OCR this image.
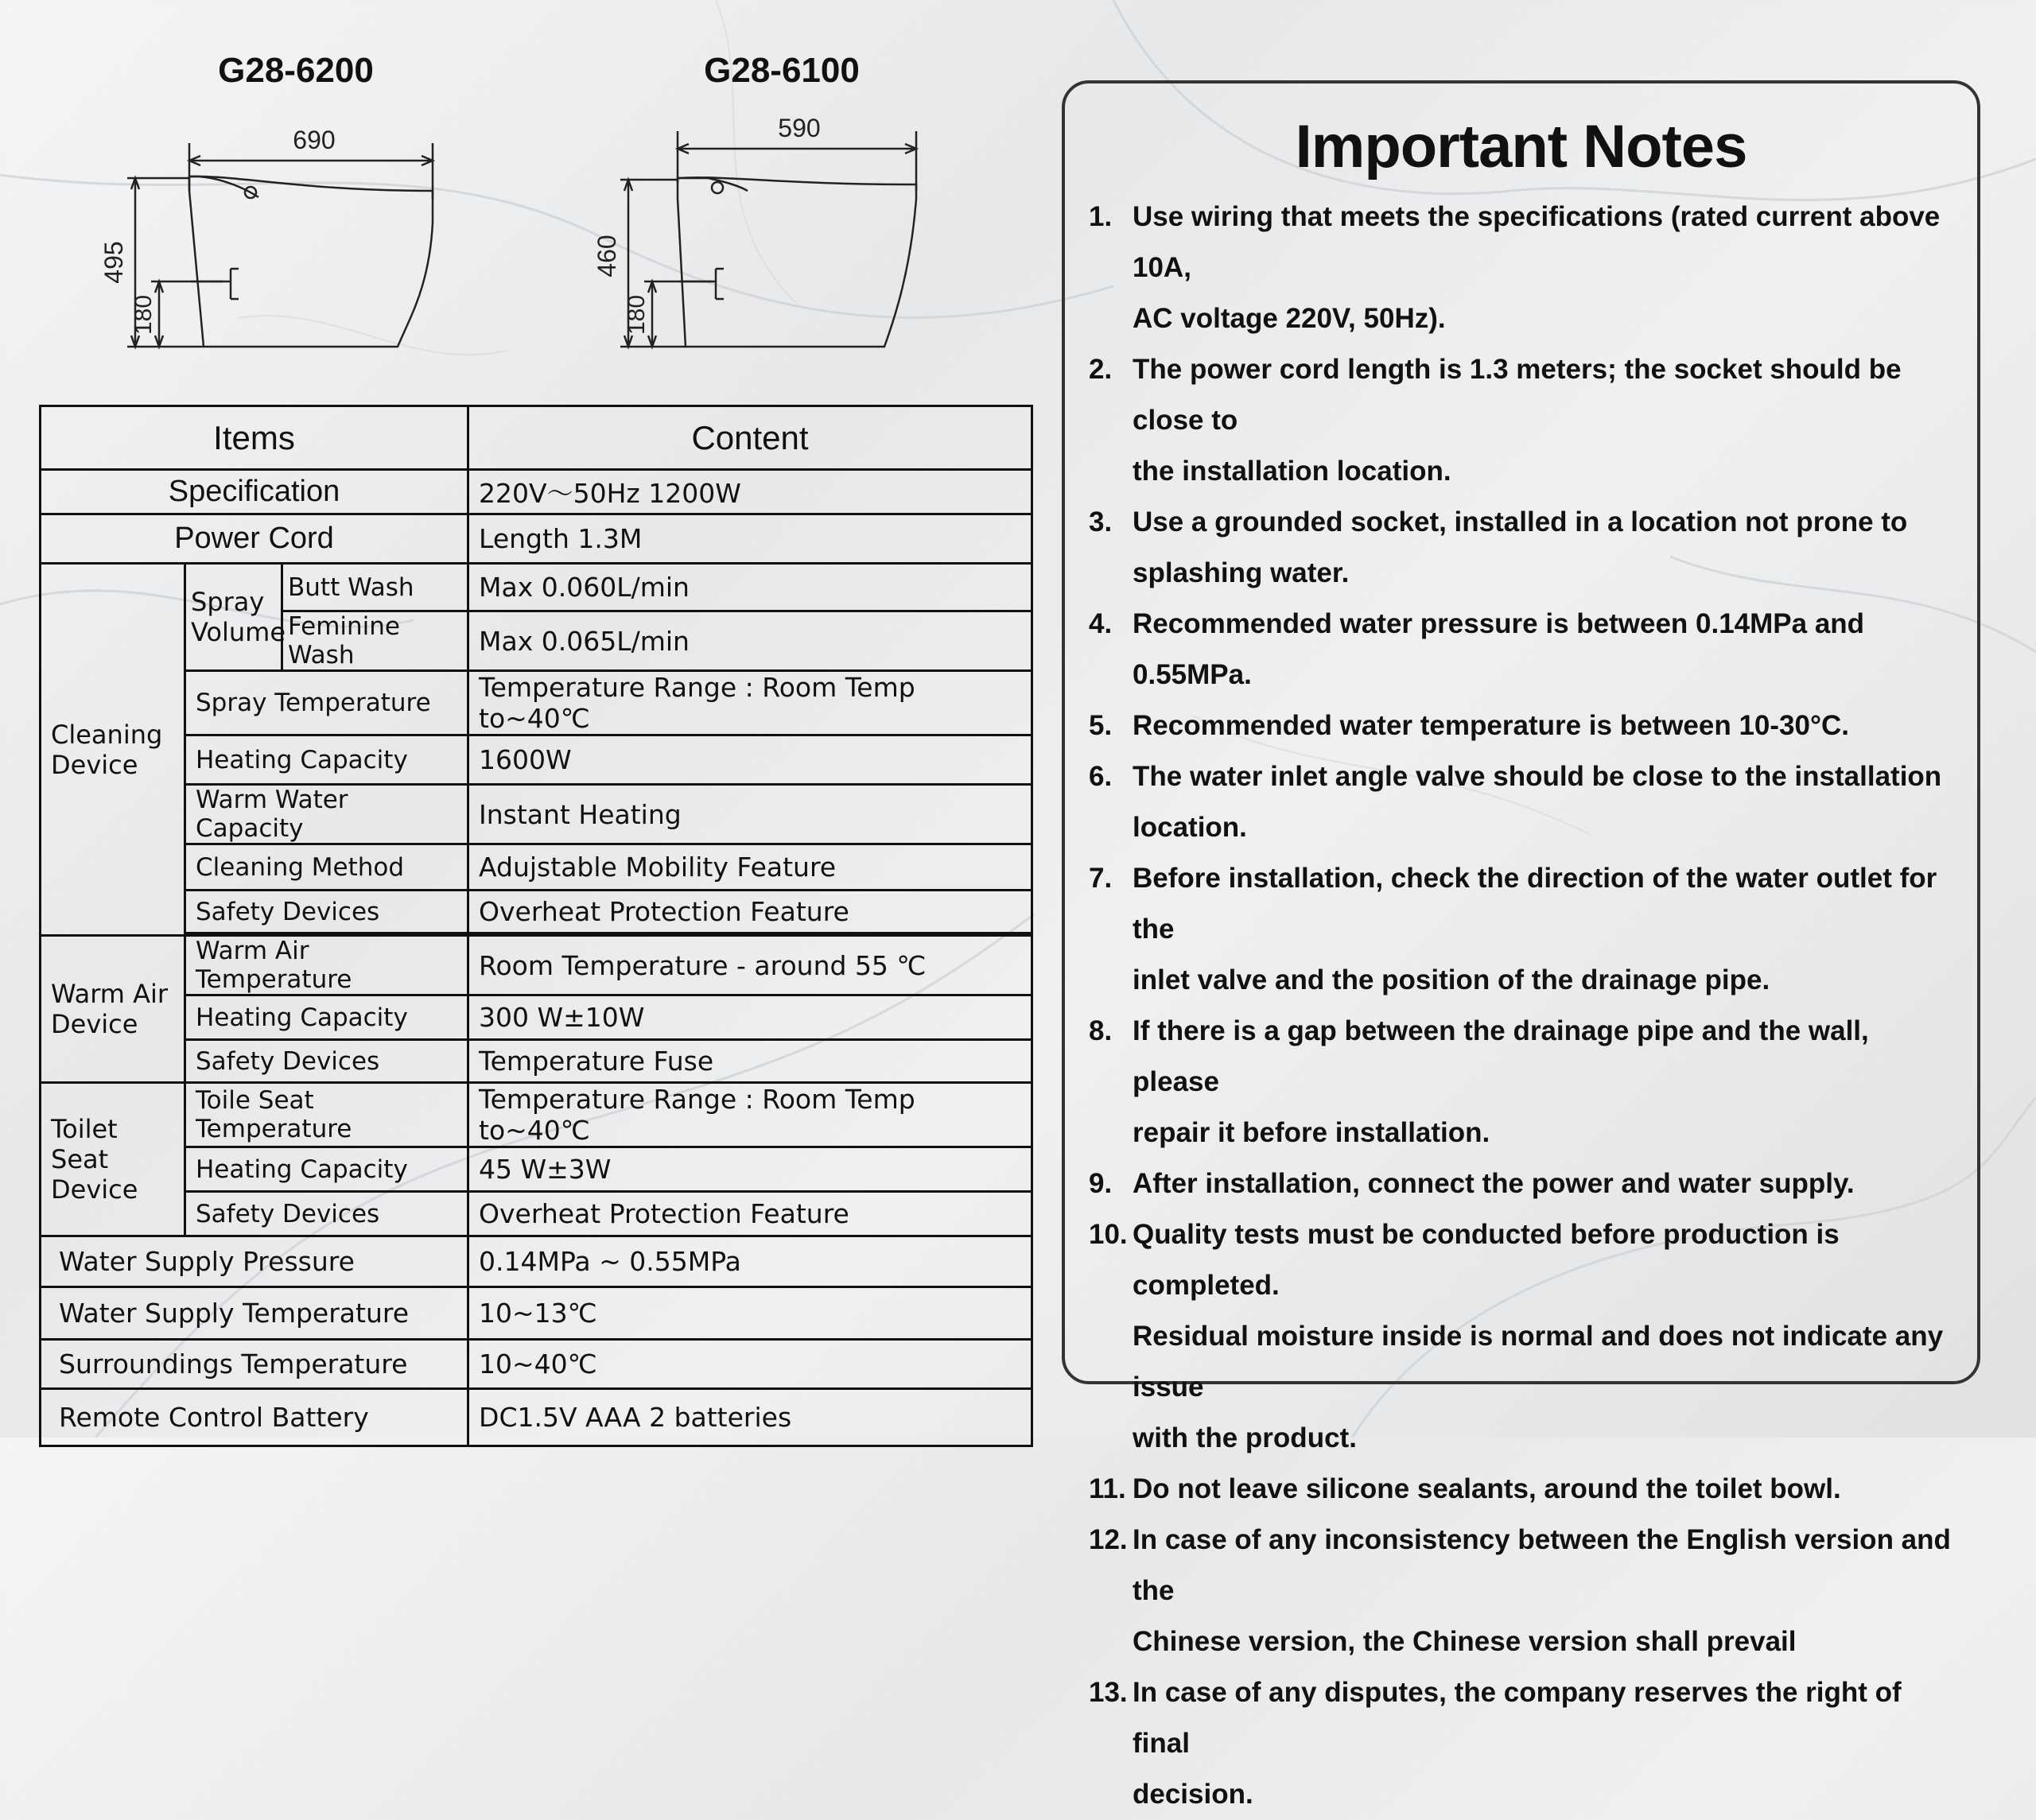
G28-6200	G28-6100
690
495
180
590
460
180
Items			Content
Specification			220V～50Hz 1200W
Power Cord			Length 1.3M
Cleaning Device	Spray Volume	Butt Wash	Max 0.060L/min
		Feminine Wash	Max 0.065L/min
	Spray Temperature		Temperature Range : Room Temp to~40℃
	Heating Capacity		1600W
	Warm Water Capacity		Instant Heating
	Cleaning Method		Adujstable Mobility Feature
	Safety Devices		Overheat Protection Feature

Warm Air Device	Warm Air Temperature		Room Temperature - around 55 ℃
	Heating Capacity		300 W±10W
	Safety Devices		Temperature Fuse
Toilet Seat Device	Toile Seat Temperature		Temperature Range : Room Temp to~40℃
	Heating Capacity		45 W±3W
	Safety Devices		Overheat Protection Feature
Water Supply Pressure			0.14MPa ~ 0.55MPa
Water Supply Temperature			10~13℃
Surroundings Temperature			10~40℃
Remote Control Battery			DC1.5V AAA 2 batteries
Important Notes
1. Use wiring that meets the specifications (rated current above 10A,
AC voltage 220V, 50Hz).
2. The power cord length is 1.3 meters; the socket should be close to
the installation location.
3. Use a grounded socket, installed in a location not prone to
splashing water.
4. Recommended water pressure is between 0.14MPa and 0.55MPa.
5. Recommended water temperature is between 10-30°C.
6. The water inlet angle valve should be close to the installation
location.
7. Before installation, check the direction of the water outlet for the
inlet valve and the position of the drainage pipe.
8. If there is a gap between the drainage pipe and the wall, please
repair it before installation.
9. After installation, connect the power and water supply.
10. Quality tests must be conducted before production is completed.
Residual moisture inside is normal and does not indicate any issue
with the product.
11. Do not leave silicone sealants, around the toilet bowl.
12. In case of any inconsistency between the English version and the
Chinese version, the Chinese version shall prevail
13. In case of any disputes, the company reserves the right of final
decision.
